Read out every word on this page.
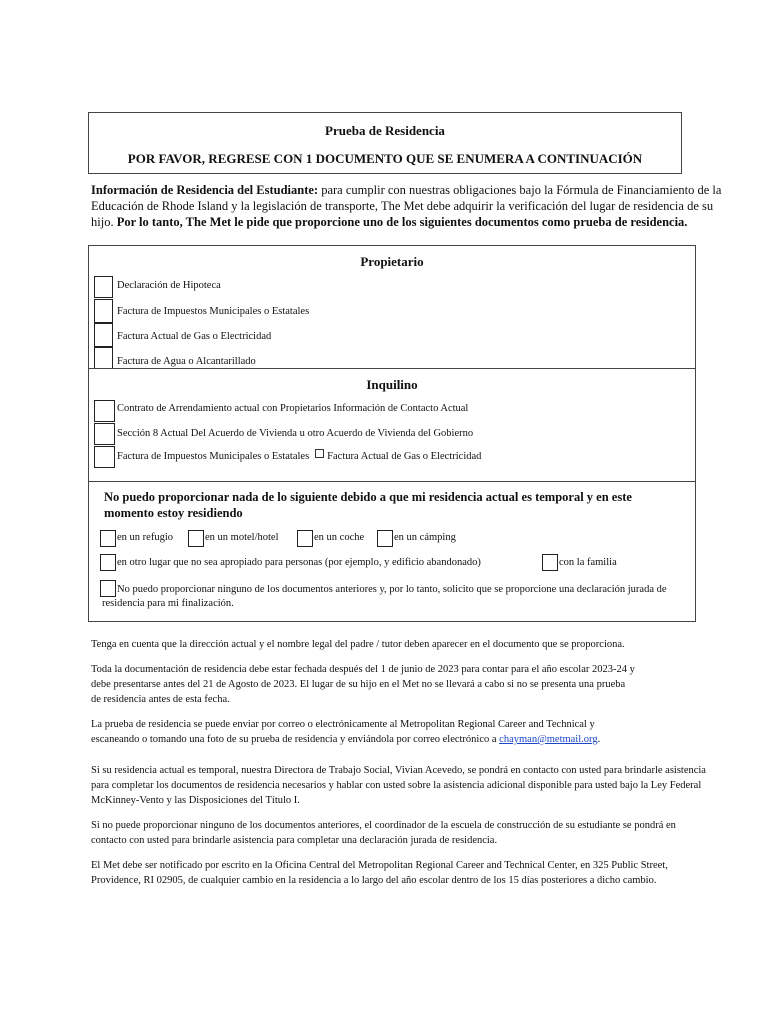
Prueba de Residencia
POR FAVOR, REGRESE CON 1 DOCUMENTO QUE SE ENUMERA A CONTINUACIÓN
Información de Residencia del Estudiante: para cumplir con nuestras obligaciones bajo la Fórmula de Financiamiento de la Educación de Rhode Island y la legislación de transporte, The Met debe adquirir la verificación del lugar de residencia de su hijo. Por lo tanto, The Met le pide que proporcione uno de los siguientes documentos como prueba de residencia.
Propietario
Declaración de Hipoteca
Factura de Impuestos Municipales o Estatales
Factura Actual de Gas o Electricidad
Factura de Agua o Alcantarillado
Inquilino
Contrato de Arrendamiento actual con Propietarios Información de Contacto Actual
Sección 8 Actual Del Acuerdo de Vivienda u otro Acuerdo de Vivienda del Gobierno
Factura de Impuestos Municipales o Estatales Factura Actual de Gas o Electricidad
No puedo proporcionar nada de lo siguiente debido a que mi residencia actual es temporal y en este momento estoy residiendo
en un refugio	en un motel/hotel	en un coche	en un cámping
en otro lugar que no sea apropiado para personas (por ejemplo, y edificio abandonado)	con la familia
No puedo proporcionar ninguno de los documentos anteriores y, por lo tanto, solicito que se proporcione una declaración jurada de residencia para mi finalización.
Tenga en cuenta que la dirección actual y el nombre legal del padre / tutor deben aparecer en el documento que se proporciona.
Toda la documentación de residencia debe estar fechada después del 1 de junio de 2023 para contar para el año escolar 2023-24 y debe presentarse antes del 21 de Agosto de 2023. El lugar de su hijo en el Met no se llevará a cabo si no se presenta una prueba de residencia antes de esta fecha.
La prueba de residencia se puede enviar por correo o electrónicamente al Metropolitan Regional Career and Technical y escaneando o tomando una foto de su prueba de residencia y enviándola por correo electrónico a chayman@metmail.org.
Si su residencia actual es temporal, nuestra Directora de Trabajo Social, Vivian Acevedo, se pondrá en contacto con usted para brindarle asistencia para completar los documentos de residencia necesarios y hablar con usted sobre la asistencia adicional disponible para usted bajo la Ley Federal McKinney-Vento y las Disposiciones del Título I.
Si no puede proporcionar ninguno de los documentos anteriores, el coordinador de la escuela de construcción de su estudiante se pondrá en contacto con usted para brindarle asistencia para completar una declaración jurada de residencia.
El Met debe ser notificado por escrito en la Oficina Central del Metropolitan Regional Career and Technical Center, en 325 Public Street, Providence, RI 02905, de cualquier cambio en la residencia a lo largo del año escolar dentro de los 15 días posteriores a dicho cambio.
